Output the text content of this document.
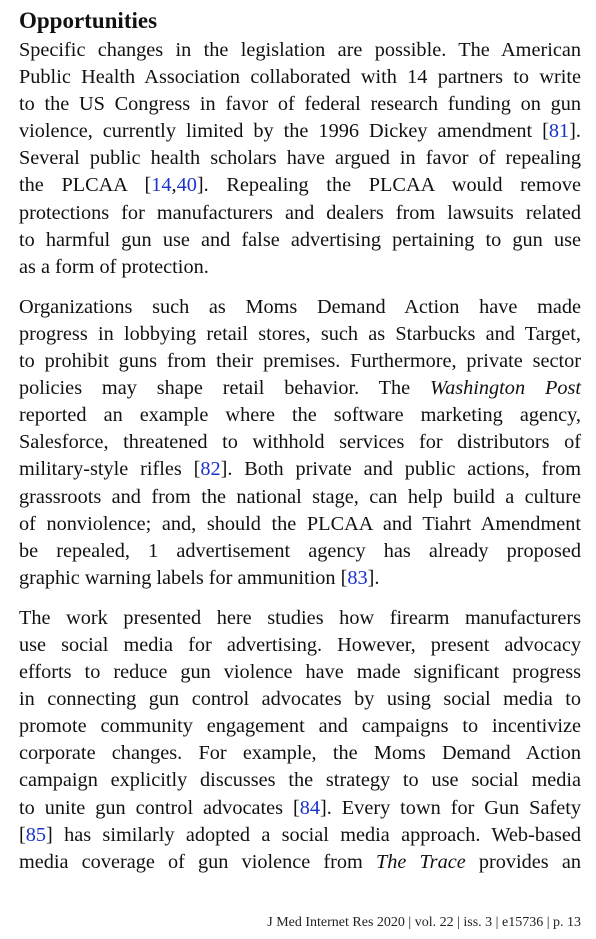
Opportunities

Specific changes in the legislation are possible. The American
Public Health Association collaborated with 14 partners to write
to the US Congress in favor of federal research funding on gun
violence, currently limited by the 1996 Dickey amendment [81].
Several public health scholars have argued in favor of repealing
the PLCAA [14,40]. Repealing the PLCAA would remove
protections for manufacturers and dealers from lawsuits related
to harmful gun use and false advertising pertaining to gun use
as a form of protection.

Organizations such as Moms Demand Action have made
progress in lobbying retail stores, such as Starbucks and Target,
to prohibit guns from their premises. Furthermore, private sector
policies may shape retail behavior. The Washington Post
reported an example where the software marketing agency,
Salesforce, threatened to withhold services for distributors of
military-style rifles [82]. Both private and public actions, from
grassroots and from the national stage, can help build a culture
of nonviolence; and, should the PLCAA and Tiahrt Amendment
be repealed, 1 advertisement agency has already proposed
graphic warning labels for ammunition [83].

The work presented here studies how firearm manufacturers
use social media for advertising. However, present advocacy
efforts to reduce gun violence have made significant progress
in connecting gun control advocates by using social media to
promote community engagement and campaigns to incentivize
corporate changes. For example, the Moms Demand Action
campaign explicitly discusses the strategy to use social media
to unite gun control advocates [84]. Every town for Gun Safety
[85] has similarly adopted a social media approach. Web-based
media coverage of gun violence from The Trace provides an

J Med Internet Res 2020 | vol. 22 | iss. 3 | e15736 | p. 13
